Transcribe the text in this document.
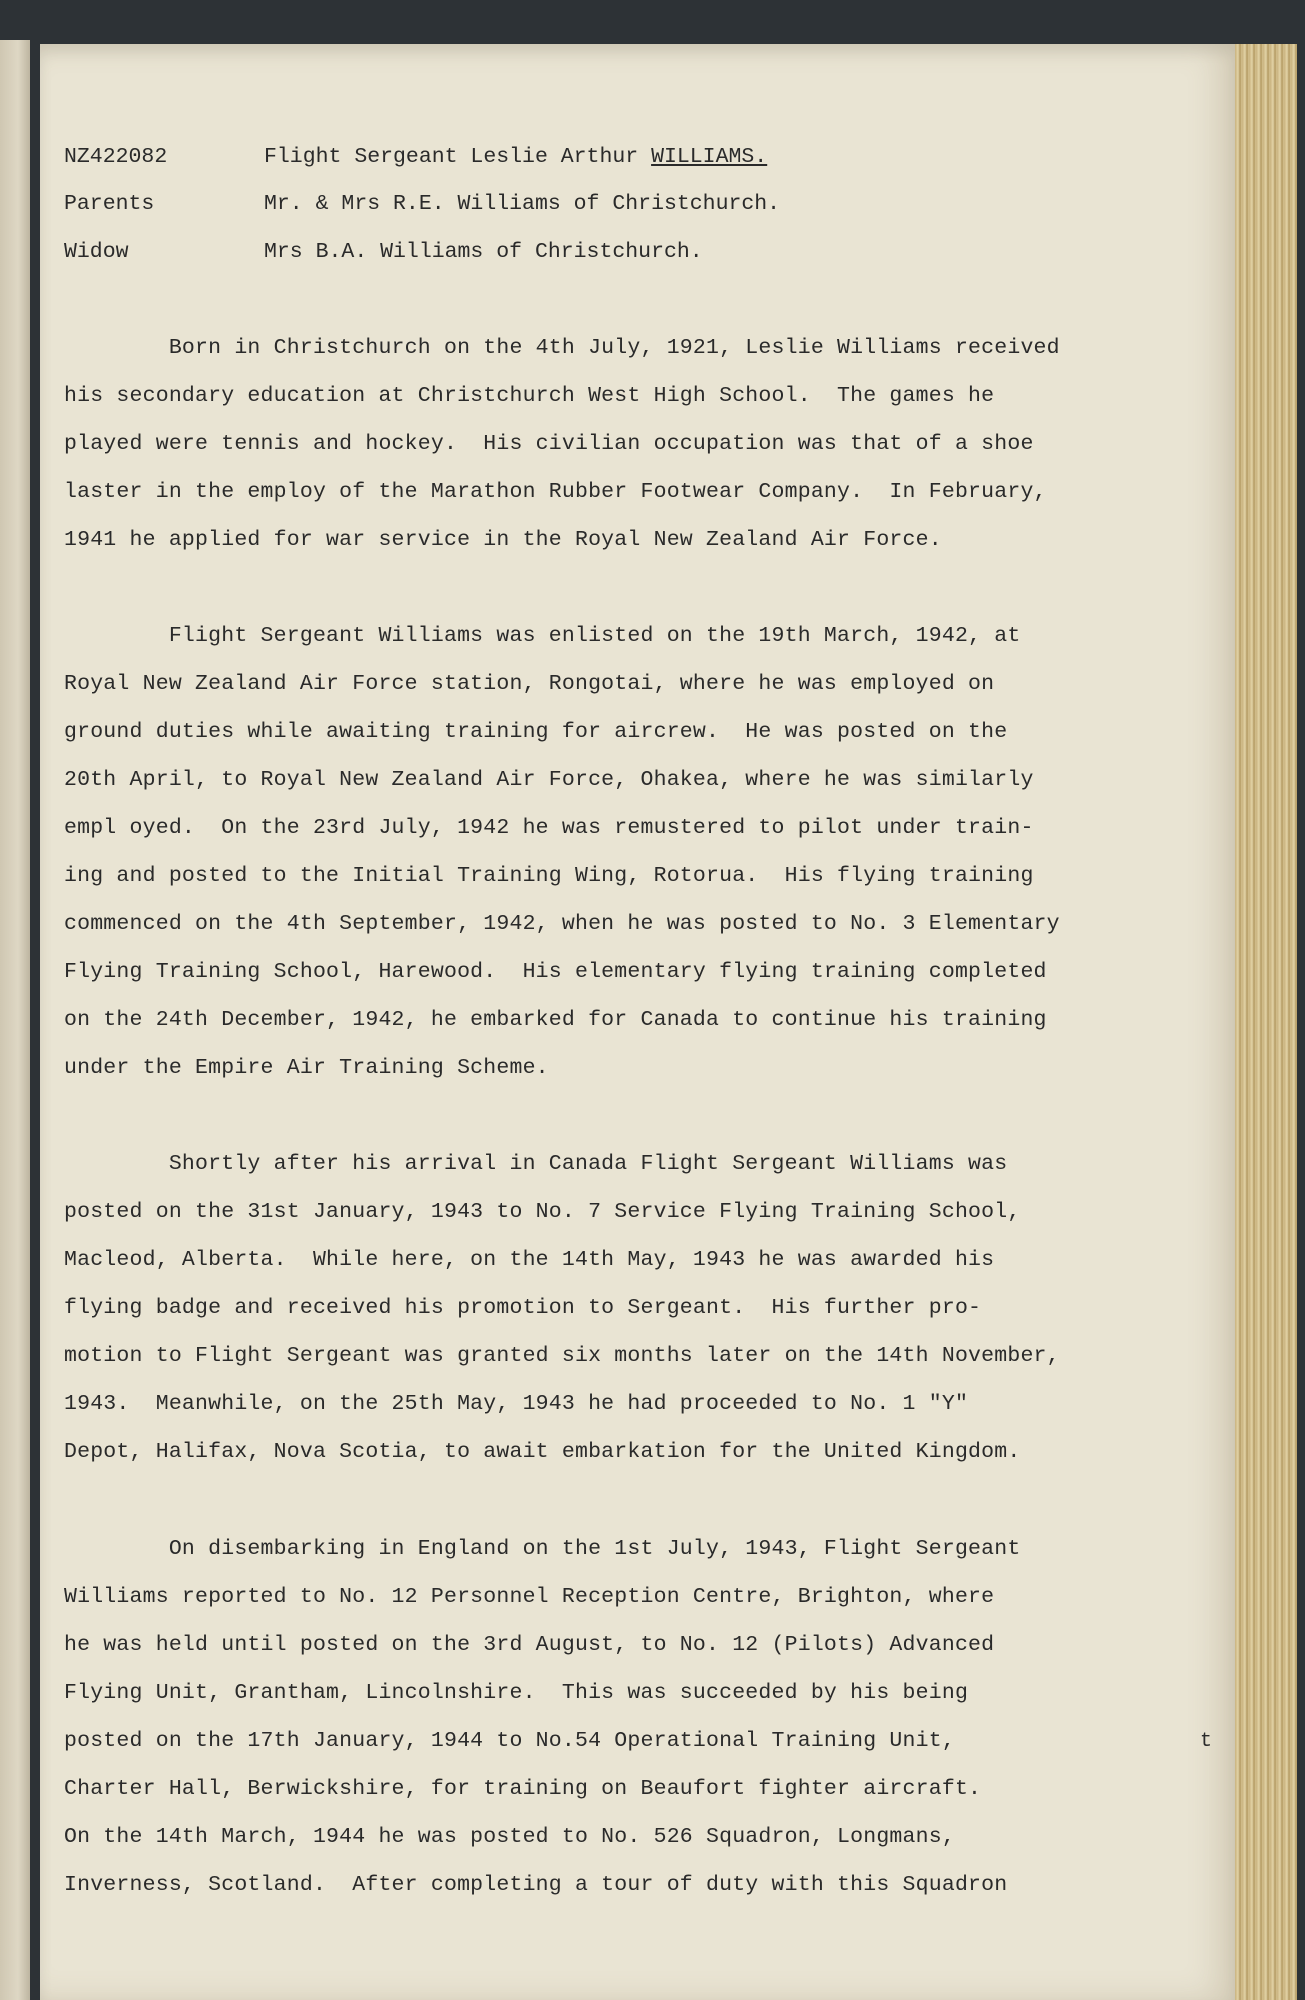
NZ422082	Flight Sergeant Leslie Arthur WILLIAMS.
Parents	Mr. & Mrs R.E. Williams of Christchurch.
Widow	Mrs B.A. Williams of Christchurch.
Born in Christchurch on the 4th July, 1921, Leslie Williams received
his secondary education at Christchurch West High School.  The games he
played were tennis and hockey.  His civilian occupation was that of a shoe
laster in the employ of the Marathon Rubber Footwear Company.  In February,
1941 he applied for war service in the Royal New Zealand Air Force.
Flight Sergeant Williams was enlisted on the 19th March, 1942, at
Royal New Zealand Air Force station, Rongotai, where he was employed on
ground duties while awaiting training for aircrew.  He was posted on the
20th April, to Royal New Zealand Air Force, Ohakea, where he was similarly
empl oyed.  On the 23rd July, 1942 he was remustered to pilot under train-
ing and posted to the Initial Training Wing, Rotorua.  His flying training
commenced on the 4th September, 1942, when he was posted to No. 3 Elementary
Flying Training School, Harewood.  His elementary flying training completed
on the 24th December, 1942, he embarked for Canada to continue his training
under the Empire Air Training Scheme.
Shortly after his arrival in Canada Flight Sergeant Williams was
posted on the 31st January, 1943 to No. 7 Service Flying Training School,
Macleod, Alberta.  While here, on the 14th May, 1943 he was awarded his
flying badge and received his promotion to Sergeant.  His further pro-
motion to Flight Sergeant was granted six months later on the 14th November,
1943.  Meanwhile, on the 25th May, 1943 he had proceeded to No. 1 "Y"
Depot, Halifax, Nova Scotia, to await embarkation for the United Kingdom.
On disembarking in England on the 1st July, 1943, Flight Sergeant
Williams reported to No. 12 Personnel Reception Centre, Brighton, where
he was held until posted on the 3rd August, to No. 12 (Pilots) Advanced
Flying Unit, Grantham, Lincolnshire.  This was succeeded by his being
posted on the 17th January, 1944 to No.54 Operational Training Unit,
Charter Hall, Berwickshire, for training on Beaufort fighter aircraft.
On the 14th March, 1944 he was posted to No. 526 Squadron, Longmans,
Inverness, Scotland.  After completing a tour of duty with this Squadron
t
